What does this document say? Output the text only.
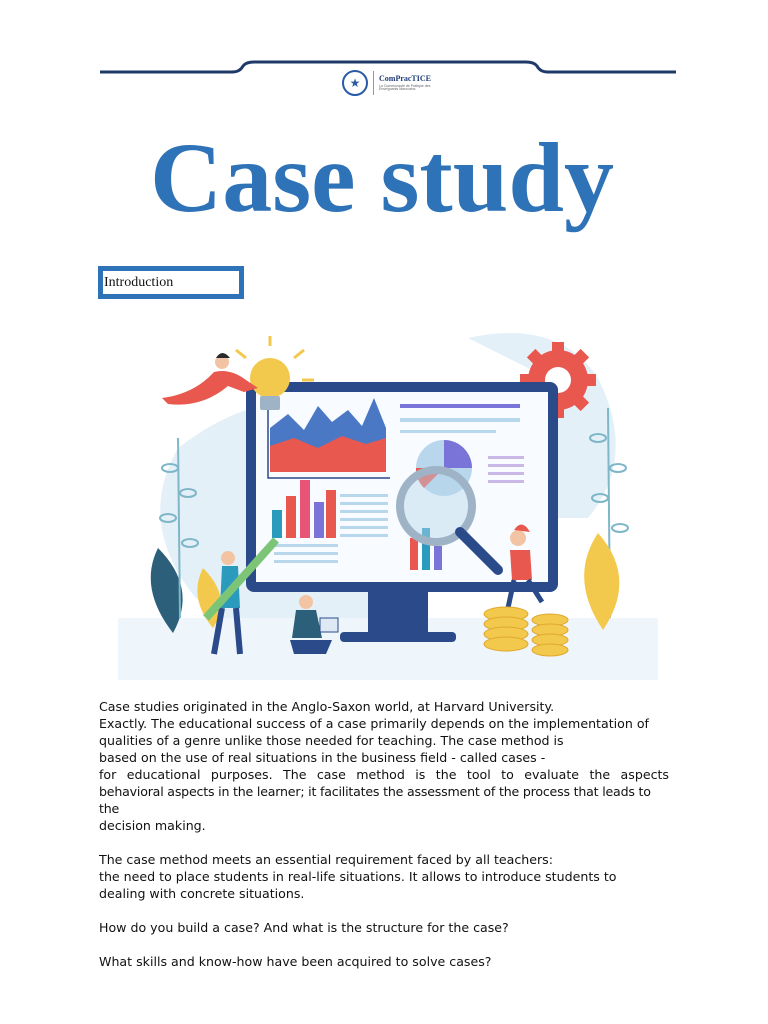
★	ComPracTICE
La Communauté de Pratique des Enseignants Marocains
Case study
Introduction

Case studies originated in the Anglo-Saxon world, at Harvard University.

Exactly. The educational success of a case primarily depends on the implementation of

qualities of a genre unlike those needed for teaching. The case method is

based on the use of real situations in the business field - called cases -

for educational purposes. The case method is the tool to evaluate the aspects

behavioral aspects in the learner; it facilitates the assessment of the process that leads to the

decision making.

The case method meets an essential requirement faced by all teachers:

the need to place students in real-life situations. It allows to introduce students to

dealing with concrete situations.

How do you build a case? And what is the structure for the case?

What skills and know-how have been acquired to solve cases?
